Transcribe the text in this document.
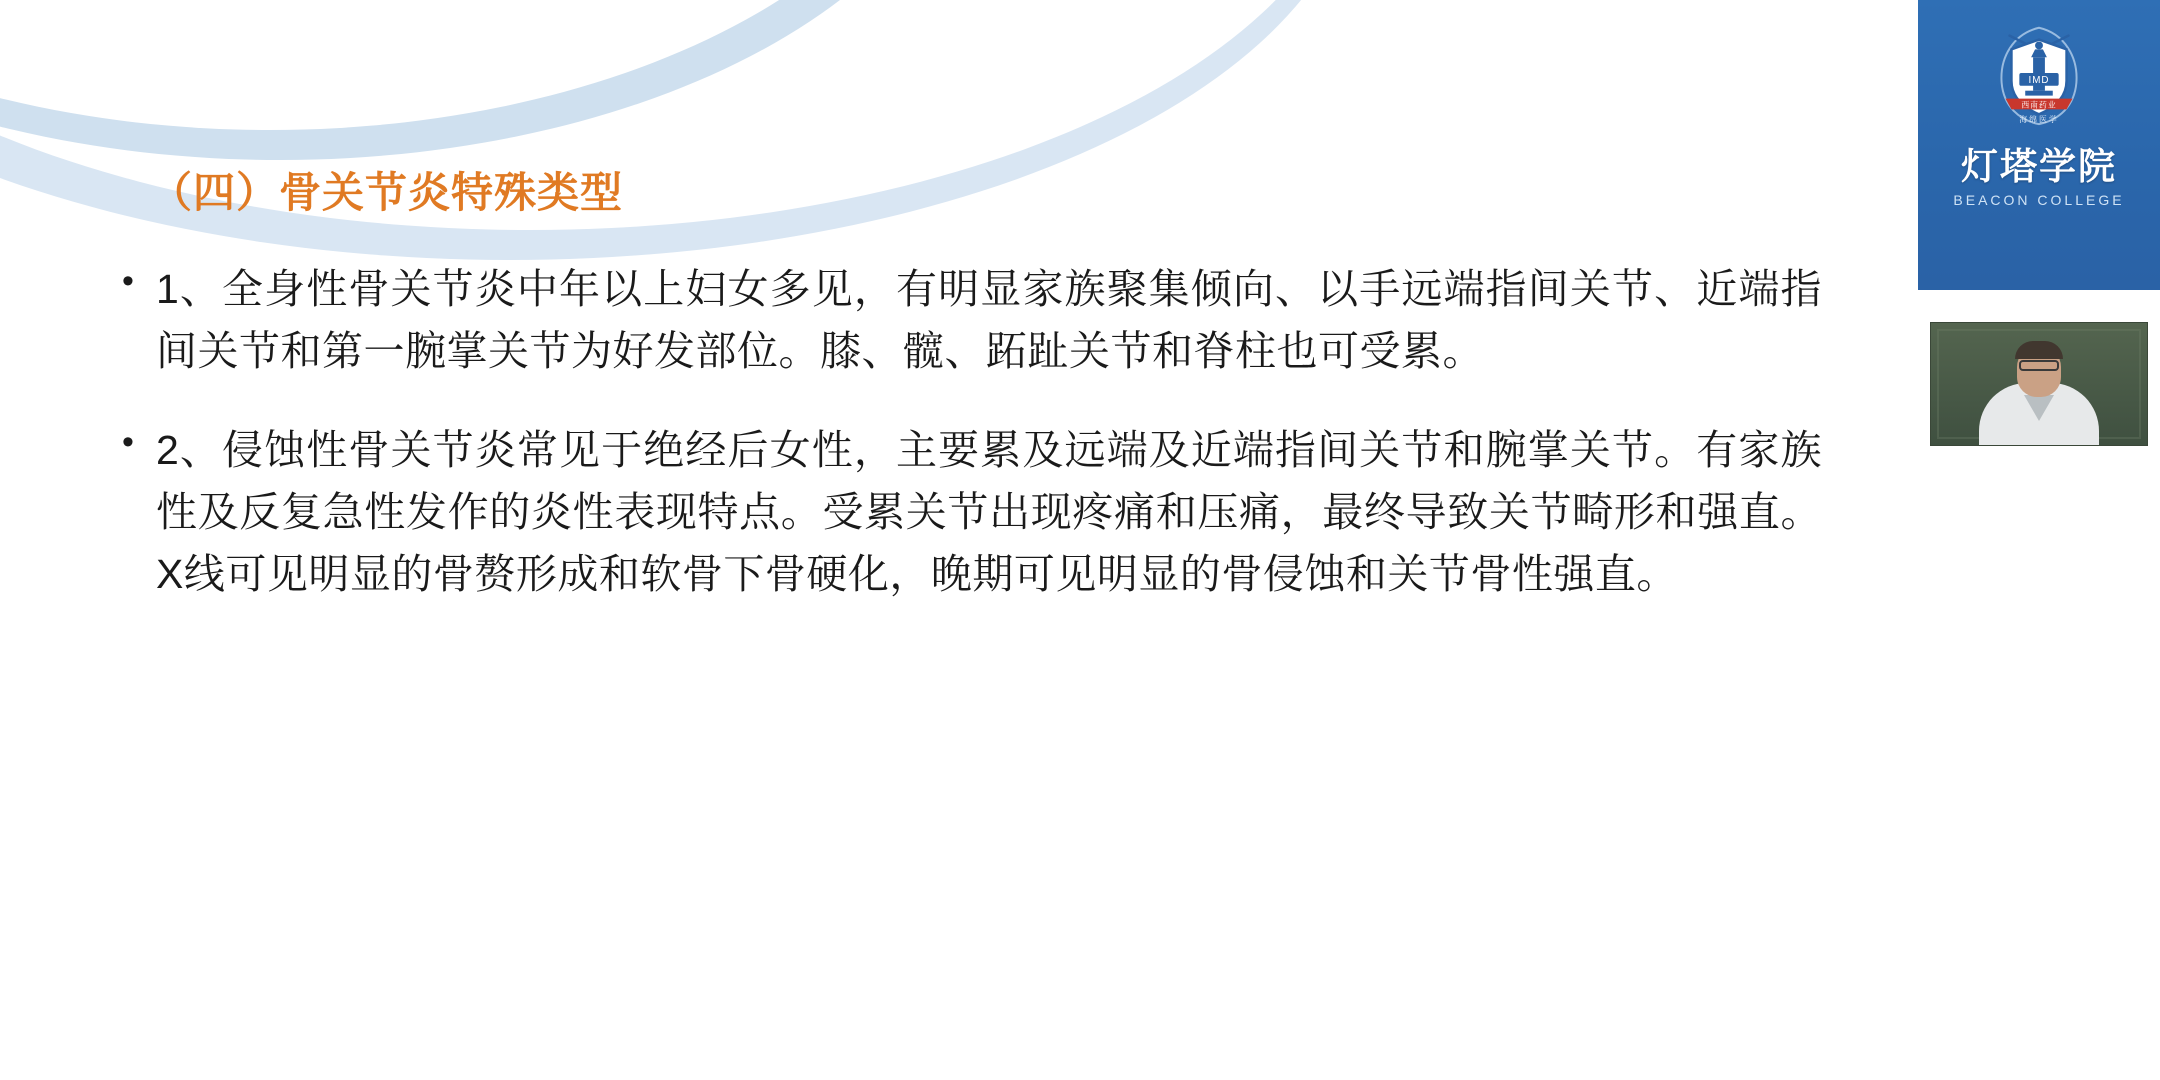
（四）骨关节炎特殊类型
• 1、全身性骨关节炎中年以上妇女多见，有明显家族聚集倾向、以手远端指间关节、近端指间关节和第一腕掌关节为好发部位。膝、髋、跖趾关节和脊柱也可受累。
• 2、侵蚀性骨关节炎常见于绝经后女性，主要累及远端及近端指间关节和腕掌关节。有家族性及反复急性发作的炎性表现特点。受累关节出现疼痛和压痛，最终导致关节畸形和强直。X线可见明显的骨赘形成和软骨下骨硬化，晚期可见明显的骨侵蚀和关节骨性强直。
IMD
西南药业
海绵医学
灯塔学院
BEACON COLLEGE
